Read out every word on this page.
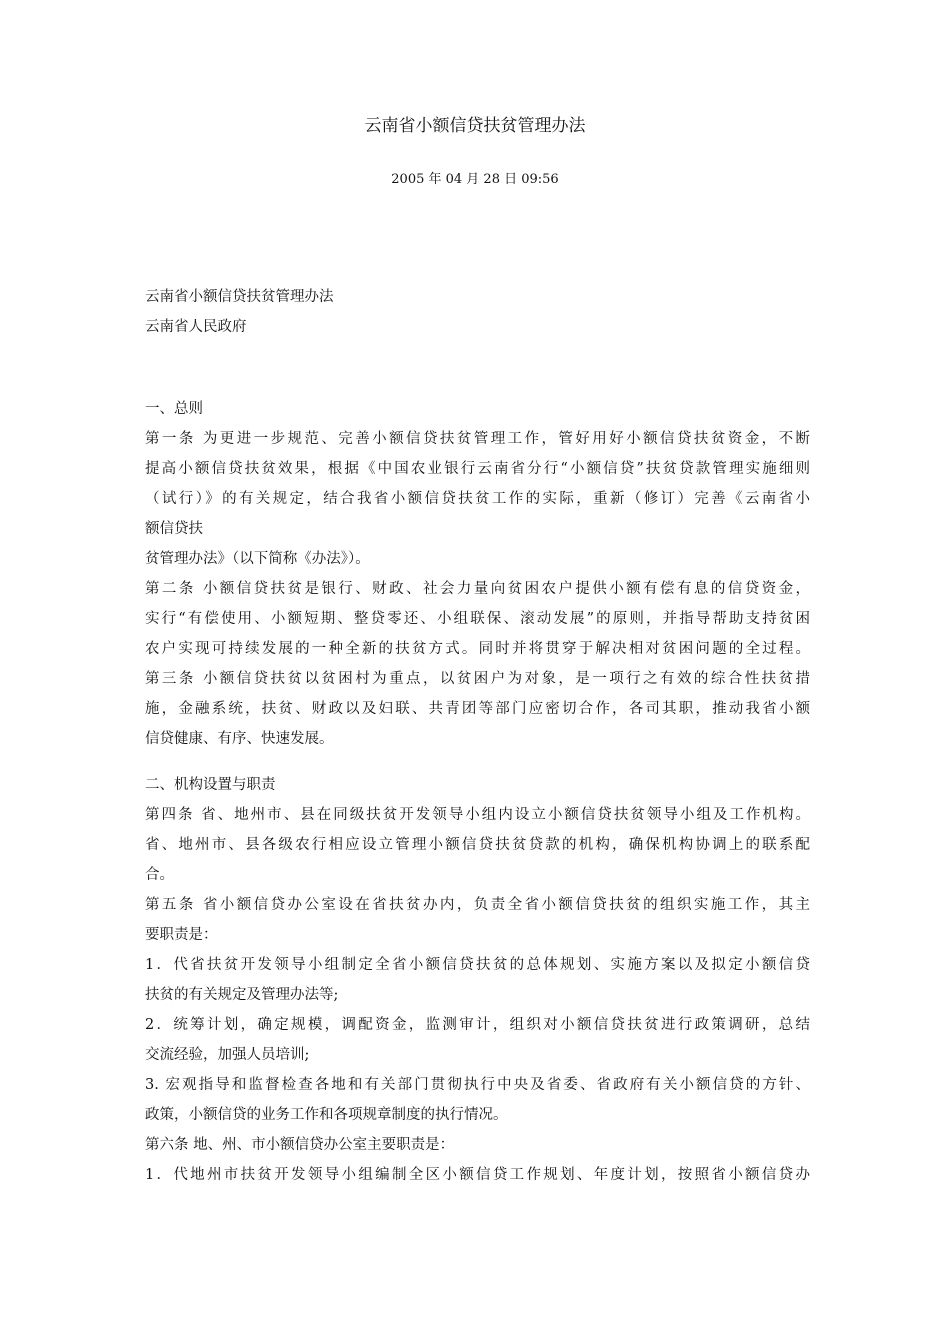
云南省小额信贷扶贫管理办法
2005 年 04 月 28 日 09:56
云南省小额信贷扶贫管理办法
云南省人民政府
一、总则
第一条 为更进一步规范、完善小额信贷扶贫管理工作，管好用好小额信贷扶贫资金，不断
提高小额信贷扶贫效果，根据《中国农业银行云南省分行“小额信贷”扶贫贷款管理实施细则
（试行）》的有关规定，结合我省小额信贷扶贫工作的实际，重新（修订）完善《云南省小
额信贷扶
贫管理办法》（以下简称《办法》）。
第二条 小额信贷扶贫是银行、财政、社会力量向贫困农户提供小额有偿有息的信贷资金，
实行“有偿使用、小额短期、整贷零还、小组联保、滚动发展”的原则，并指导帮助支持贫困
农户实现可持续发展的一种全新的扶贫方式。同时并将贯穿于解决相对贫困问题的全过程。
第三条 小额信贷扶贫以贫困村为重点，以贫困户为对象，是一项行之有效的综合性扶贫措
施，金融系统，扶贫、财政以及妇联、共青团等部门应密切合作，各司其职，推动我省小额
信贷健康、有序、快速发展。
二、机构设置与职责
第四条 省、地州市、县在同级扶贫开发领导小组内设立小额信贷扶贫领导小组及工作机构。
省、地州市、县各级农行相应设立管理小额信贷扶贫贷款的机构，确保机构协调上的联系配
合。
第五条 省小额信贷办公室设在省扶贫办内，负责全省小额信贷扶贫的组织实施工作，其主
要职责是：
1．代省扶贫开发领导小组制定全省小额信贷扶贫的总体规划、实施方案以及拟定小额信贷
扶贫的有关规定及管理办法等;
2．统筹计划，确定规模，调配资金，监测审计，组织对小额信贷扶贫进行政策调研，总结
交流经验，加强人员培训;
3. 宏观指导和监督检查各地和有关部门贯彻执行中央及省委、省政府有关小额信贷的方针、
政策，小额信贷的业务工作和各项规章制度的执行情况。
第六条 地、州、市小额信贷办公室主要职责是：
1．代地州市扶贫开发领导小组编制全区小额信贷工作规划、年度计划，按照省小额信贷办
